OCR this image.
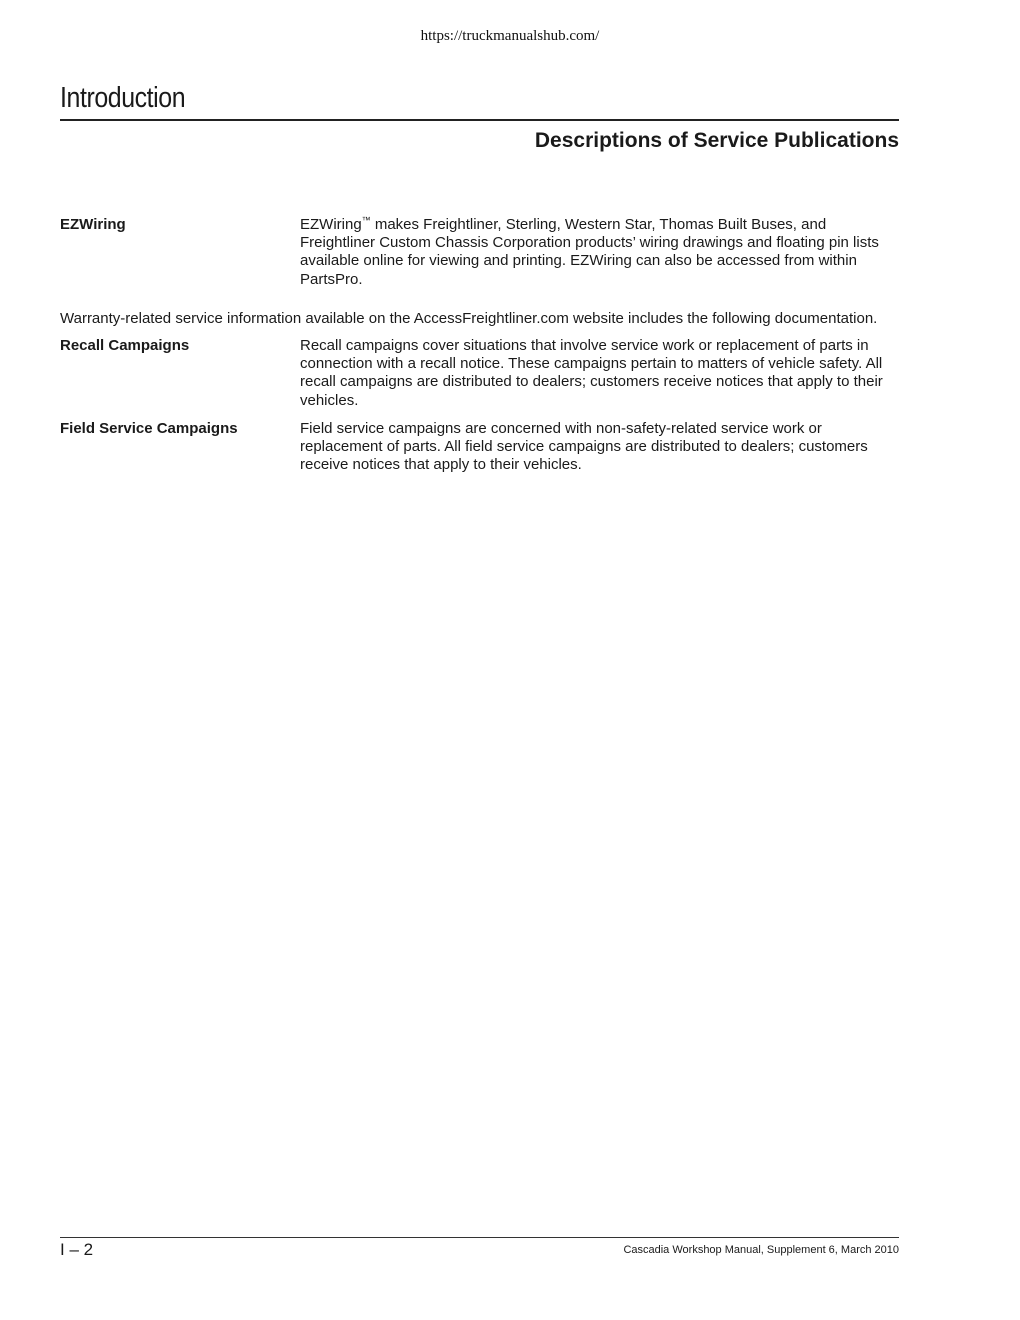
https://truckmanualshub.com/
Introduction
Descriptions of Service Publications
EZWiring	EZWiring™ makes Freightliner, Sterling, Western Star, Thomas Built Buses, and Freightliner Custom Chassis Corporation products’ wiring drawings and floating pin lists available online for viewing and printing. EZWiring can also be accessed from within PartsPro.
Warranty-related service information available on the AccessFreightliner.com website includes the following documentation.
Recall Campaigns	Recall campaigns cover situations that involve service work or replacement of parts in connection with a recall notice. These campaigns pertain to matters of vehicle safety. All recall campaigns are distributed to dealers; customers receive notices that apply to their vehicles.
Field Service Campaigns	Field service campaigns are concerned with non-safety-related service work or replacement of parts. All field service campaigns are distributed to dealers; customers receive notices that apply to their vehicles.
I – 2	Cascadia Workshop Manual, Supplement 6, March 2010
